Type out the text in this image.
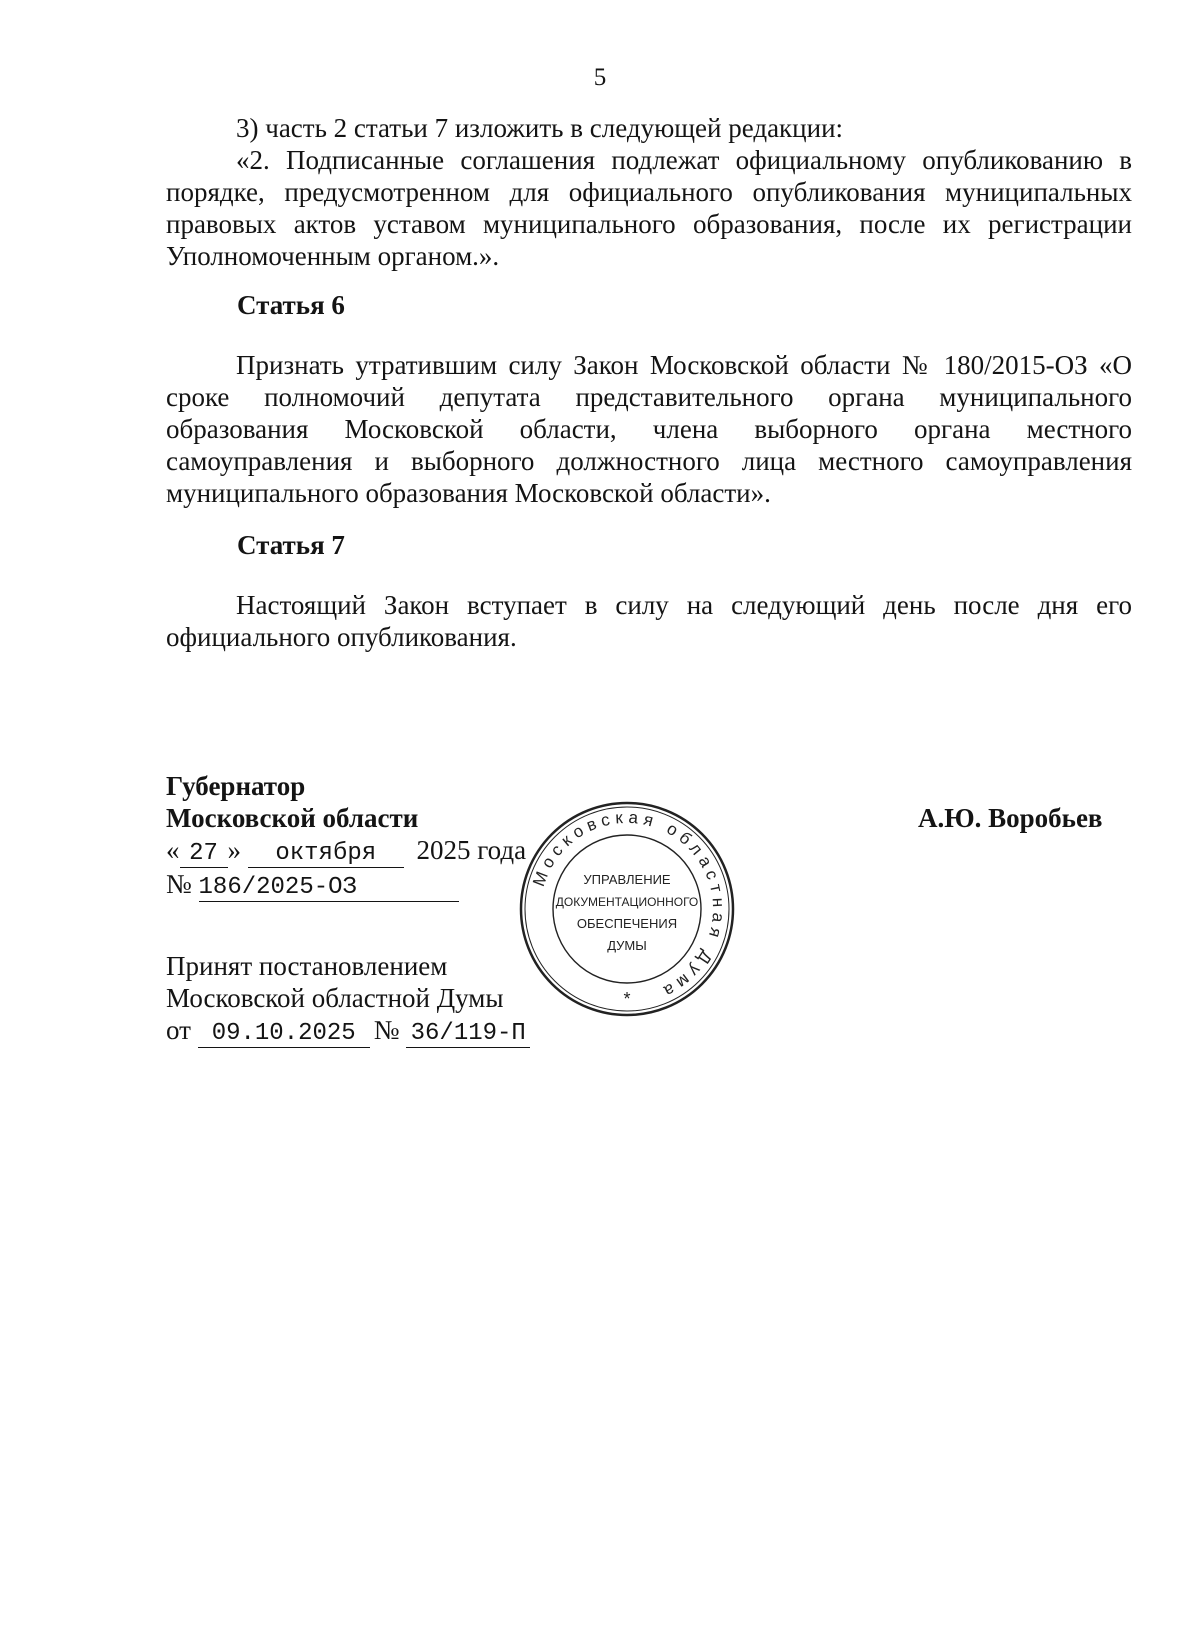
5
3) часть 2 статьи 7 изложить в следующей редакции:
«2. Подписанные соглашения подлежат официальному опубликованию в порядке, предусмотренном для официального опубликования муниципальных правовых актов уставом муниципального образования, после их регистрации Уполномоченным органом.».
Статья 6
Признать утратившим силу Закон Московской области № 180/2015-ОЗ «О сроке полномочий депутата представительного органа муниципального образования Московской области, члена выборного органа местного самоуправления и выборного должностного лица местного самоуправления муниципального образования Московской области».
Статья 7
Настоящий Закон вступает в силу на следующий день после дня его официального опубликования.
Губернатор
Московской области
« 27 » октября 2025 года
№ 186/2025-ОЗ
А.Ю. Воробьев
Принят постановлением
Московской областной Думы
от 09.10.2025 № 36/119-П
Московская областная Дума
*
УПРАВЛЕНИЕ
ДОКУМЕНТАЦИОННОГО
ОБЕСПЕЧЕНИЯ
ДУМЫ
